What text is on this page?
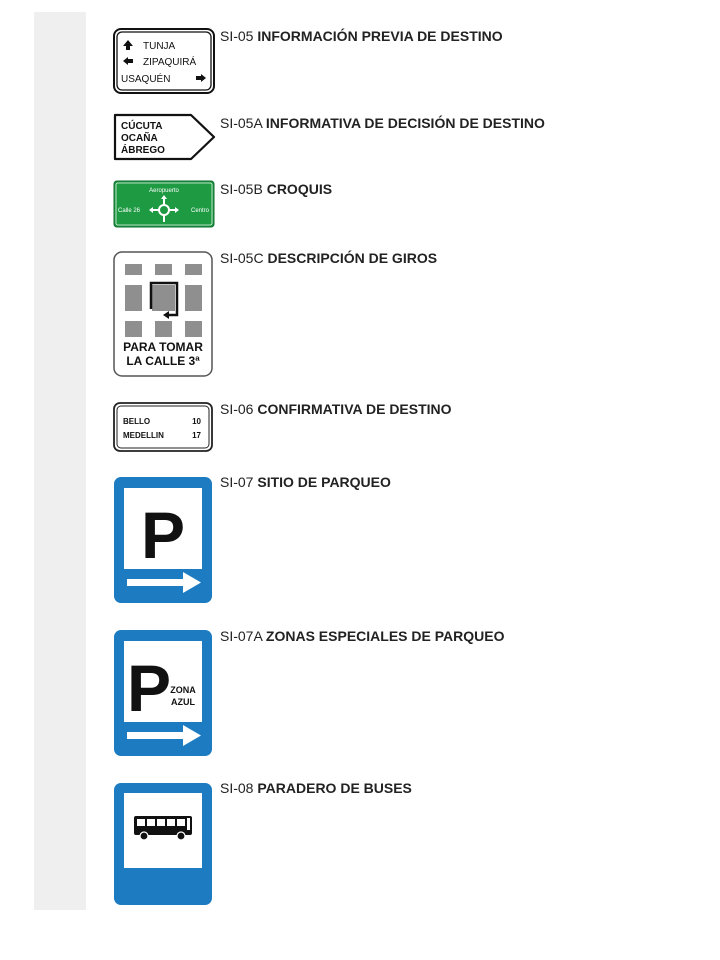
SI-05 INFORMACIÓN PREVIA DE DESTINO
TUNJA
ZIPAQUIRÁ
USAQUÉN
SI-05A INFORMATIVA DE DECISIÓN DE DESTINO
CÚCUTA
OCAÑA
ÁBREGO
SI-05B CROQUIS
Aeropuerto
Calle 26	Centro
SI-05C DESCRIPCIÓN DE GIROS
PARA TOMAR
LA CALLE 3ª
SI-06 CONFIRMATIVA DE DESTINO
BELLO	10
MEDELLIN	17
SI-07 SITIO DE PARQUEO
P
SI-07A ZONAS ESPECIALES DE PARQUEO
P ZONA
AZUL
SI-08 PARADERO DE BUSES
